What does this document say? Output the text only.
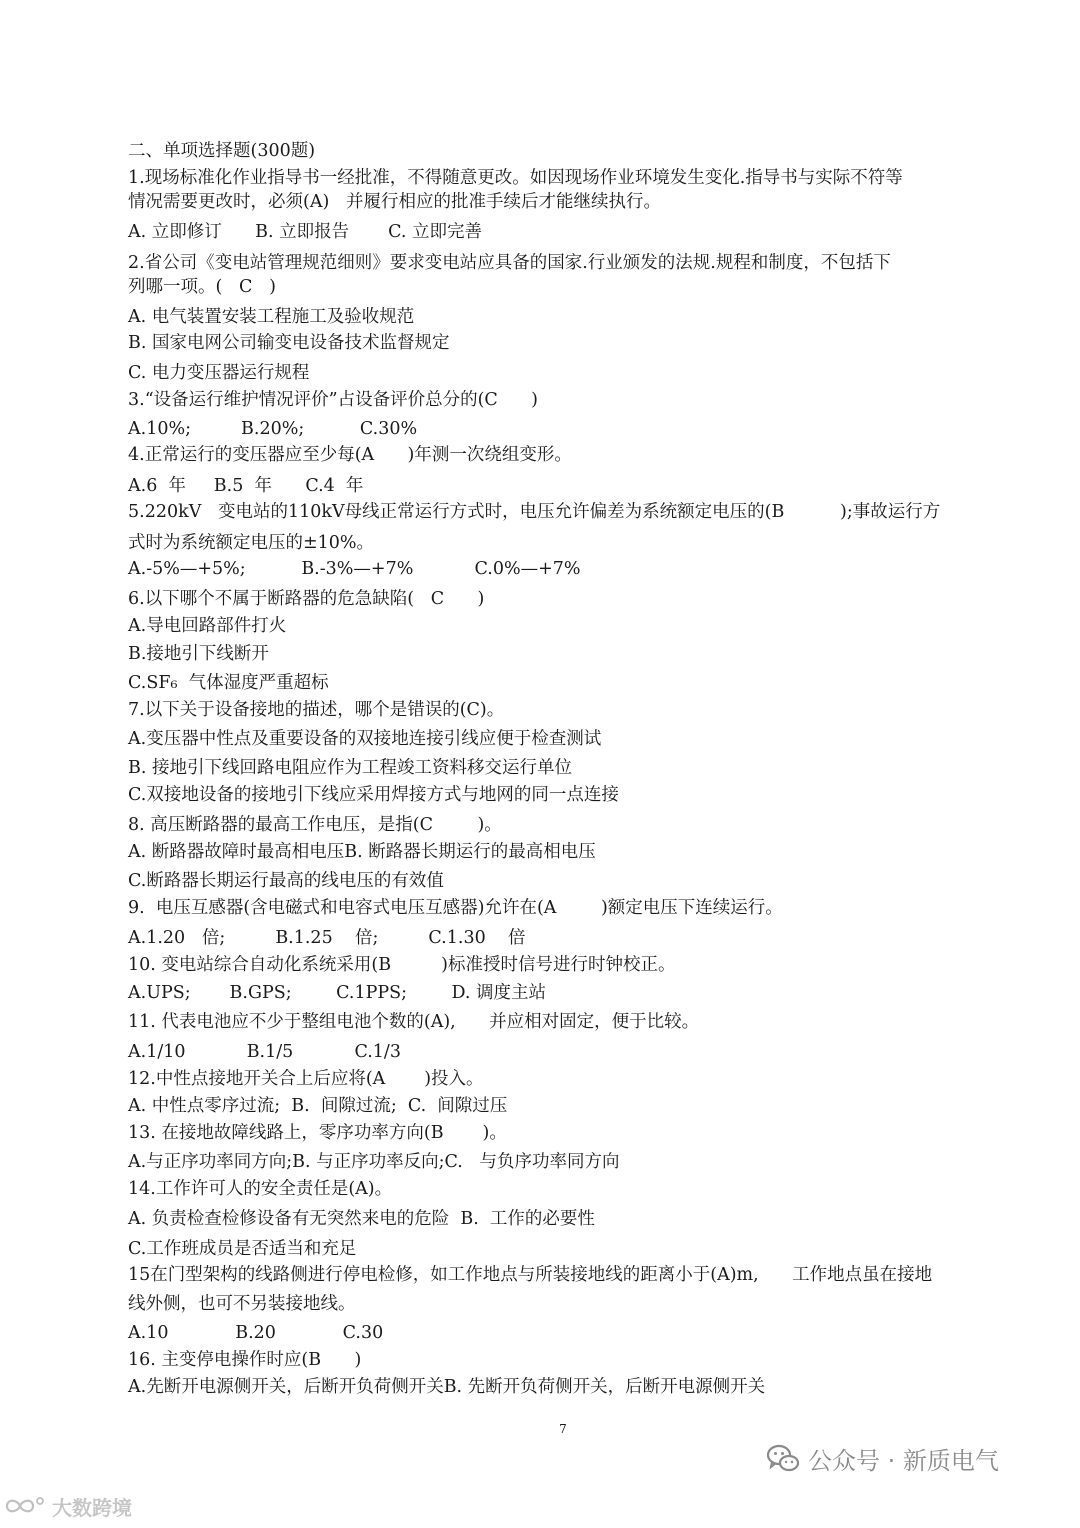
二、单项选择题(300题)
1.现场标准化作业指导书一经批准，不得随意更改。如因现场作业环境发生变化.指导书与实际不符等
情况需要更改时，必须(A)   并履行相应的批准手续后才能继续执行。
A. 立即修订      B. 立即报告       C. 立即完善
2.省公司《变电站管理规范细则》要求变电站应具备的国家.行业颁发的法规.规程和制度，不包括下
列哪一项。(   C   )
A. 电气装置安装工程施工及验收规范
B. 国家电网公司输变电设备技术监督规定
C. 电力变压器运行规程
3.“设备运行维护情况评价”占设备评价总分的(C      )
A.10%;         B.20%;          C.30%
4.正常运行的变压器应至少每(A      )年测一次绕组变形。
A.6  年     B.5  年      C.4  年
5.220kV   变电站的110kV母线正常运行方式时，电压允许偏差为系统额定电压的(B          );事故运行方
式时为系统额定电压的±10%。
A.-5%—+5%;          B.-3%—+7%           C.0%—+7%
6.以下哪个不属于断路器的危急缺陷(   C      )
A.导电回路部件打火
B.接地引下线断开
C.SF₆  气体湿度严重超标
7.以下关于设备接地的描述，哪个是错误的(C)。
A.变压器中性点及重要设备的双接地连接引线应便于检查测试
B. 接地引下线回路电阻应作为工程竣工资料移交运行单位
C.双接地设备的接地引下线应采用焊接方式与地网的同一点连接
8. 高压断路器的最高工作电压，是指(C        )。
A. 断路器故障时最高相电压B. 断路器长期运行的最高相电压
C.断路器长期运行最高的线电压的有效值
9.  电压互感器(含电磁式和电容式电压互感器)允许在(A        )额定电压下连续运行。
A.1.20   倍;         B.1.25    倍;         C.1.30    倍
10. 变电站综合自动化系统采用(B         )标准授时信号进行时钟校正。
A.UPS;       B.GPS;        C.1PPS;        D. 调度主站
11. 代表电池应不少于整组电池个数的(A),      并应相对固定，便于比较。
A.1/10           B.1/5           C.1/3
12.中性点接地开关合上后应将(A       )投入。
A. 中性点零序过流;  B.  间隙过流;  C.  间隙过压
13. 在接地故障线路上，零序功率方向(B       )。
A.与正序功率同方向;B. 与正序功率反向;C.   与负序功率同方向
14.工作许可人的安全责任是(A)。
A. 负责检查检修设备有无突然来电的危险  B.  工作的必要性
C.工作班成员是否适当和充足
15在门型架构的线路侧进行停电检修，如工作地点与所装接地线的距离小于(A)m,      工作地点虽在接地
线外侧，也可不另装接地线。
A.10            B.20            C.30
16. 主变停电操作时应(B      )
A.先断开电源侧开关，后断开负荷侧开关B. 先断开负荷侧开关，后断开电源侧开关
7
公众号 · 新质电气
大数跨境
